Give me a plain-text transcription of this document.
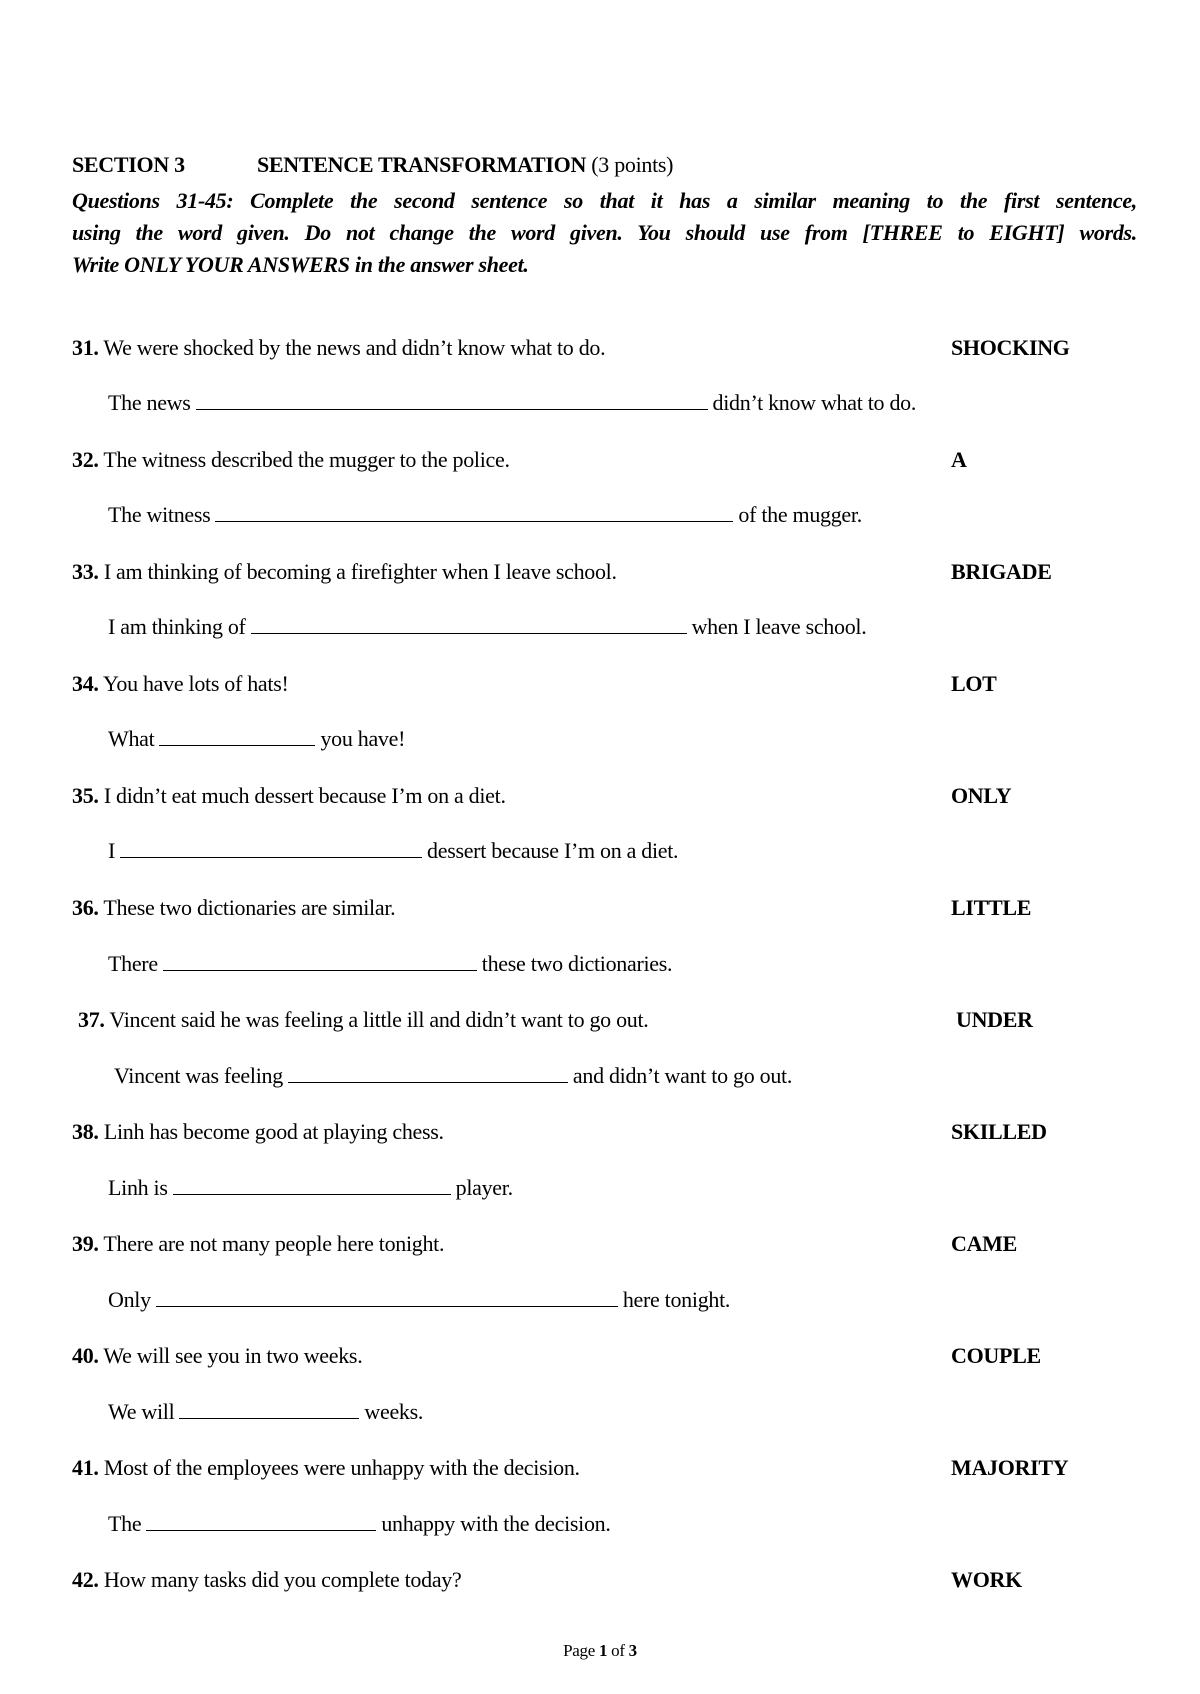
SECTION 3	SENTENCE TRANSFORMATION (3 points)
Questions 31-45: Complete the second sentence so that it has a similar meaning to the first sentence,
using the word given. Do not change the word given. You should use from [THREE to EIGHT] words.
Write ONLY YOUR ANSWERS in the answer sheet.
31. We were shocked by the news and didn’t know what to do.	SHOCKING
The news	didn’t know what to do.
32. The witness described the mugger to the police.	A
The witness	of the mugger.
33. I am thinking of becoming a firefighter when I leave school.	BRIGADE
I am thinking of	when I leave school.
34. You have lots of hats!	LOT
What	you have!
35. I didn’t eat much dessert because I’m on a diet.	ONLY
I	dessert because I’m on a diet.
36. These two dictionaries are similar.	LITTLE
There	these two dictionaries.
37. Vincent said he was feeling a little ill and didn’t want to go out.	UNDER
Vincent was feeling	and didn’t want to go out.
38. Linh has become good at playing chess.	SKILLED
Linh is	player.
39. There are not many people here tonight.	CAME
Only	here tonight.
40. We will see you in two weeks.	COUPLE
We will	weeks.
41. Most of the employees were unhappy with the decision.	MAJORITY
The	unhappy with the decision.
42. How many tasks did you complete today?	WORK
Page 1 of 3
